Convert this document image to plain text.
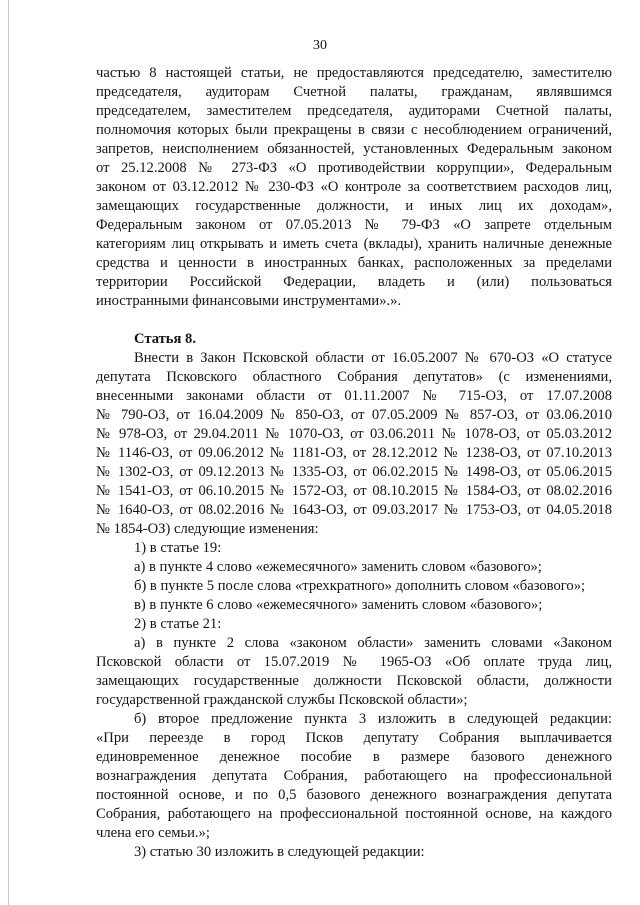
30
частью 8 настоящей статьи, не предоставляются председателю, заместителю
председателя, аудиторам Счетной палаты, гражданам, являвшимся
председателем, заместителем председателя, аудиторами Счетной палаты,
полномочия которых были прекращены в связи с несоблюдением ограничений,
запретов, неисполнением обязанностей, установленных Федеральным законом
от 25.12.2008 № 273-ФЗ «О противодействии коррупции», Федеральным
законом от 03.12.2012 № 230-ФЗ «О контроле за соответствием расходов лиц,
замещающих государственные должности, и иных лиц их доходам»,
Федеральным законом от 07.05.2013 № 79-ФЗ «О запрете отдельным
категориям лиц открывать и иметь счета (вклады), хранить наличные денежные
средства и ценности в иностранных банках, расположенных за пределами
территории Российской Федерации, владеть и (или) пользоваться
иностранными финансовыми инструментами».».
Статья 8.
Внести в Закон Псковской области от 16.05.2007 № 670-ОЗ «О статусе
депутата Псковского областного Собрания депутатов» (с изменениями,
внесенными законами области от 01.11.2007 № 715-ОЗ, от 17.07.2008
№ 790-ОЗ, от 16.04.2009 № 850-ОЗ, от 07.05.2009 № 857-ОЗ, от 03.06.2010
№ 978-ОЗ, от 29.04.2011 № 1070-ОЗ, от 03.06.2011 № 1078-ОЗ, от 05.03.2012
№ 1146-ОЗ, от 09.06.2012 № 1181-ОЗ, от 28.12.2012 № 1238-ОЗ, от 07.10.2013
№ 1302-ОЗ, от 09.12.2013 № 1335-ОЗ, от 06.02.2015 № 1498-ОЗ, от 05.06.2015
№ 1541-ОЗ, от 06.10.2015 № 1572-ОЗ, от 08.10.2015 № 1584-ОЗ, от 08.02.2016
№ 1640-ОЗ, от 08.02.2016 № 1643-ОЗ, от 09.03.2017 № 1753-ОЗ, от 04.05.2018
№ 1854-ОЗ) следующие изменения:
1) в статье 19:
а) в пункте 4 слово «ежемесячного» заменить словом «базового»;
б) в пункте 5 после слова «трехкратного» дополнить словом «базового»;
в) в пункте 6 слово «ежемесячного» заменить словом «базового»;
2) в статье 21:
а) в пункте 2 слова «законом области» заменить словами «Законом
Псковской области от 15.07.2019 № 1965-ОЗ «Об оплате труда лиц,
замещающих государственные должности Псковской области, должности
государственной гражданской службы Псковской области»;
б) второе предложение пункта 3 изложить в следующей редакции:
«При переезде в город Псков депутату Собрания выплачивается
единовременное денежное пособие в размере базового денежного
вознаграждения депутата Собрания, работающего на профессиональной
постоянной основе, и по 0,5 базового денежного вознаграждения депутата
Собрания, работающего на профессиональной постоянной основе, на каждого
члена его семьи.»;
3) статью 30 изложить в следующей редакции:
